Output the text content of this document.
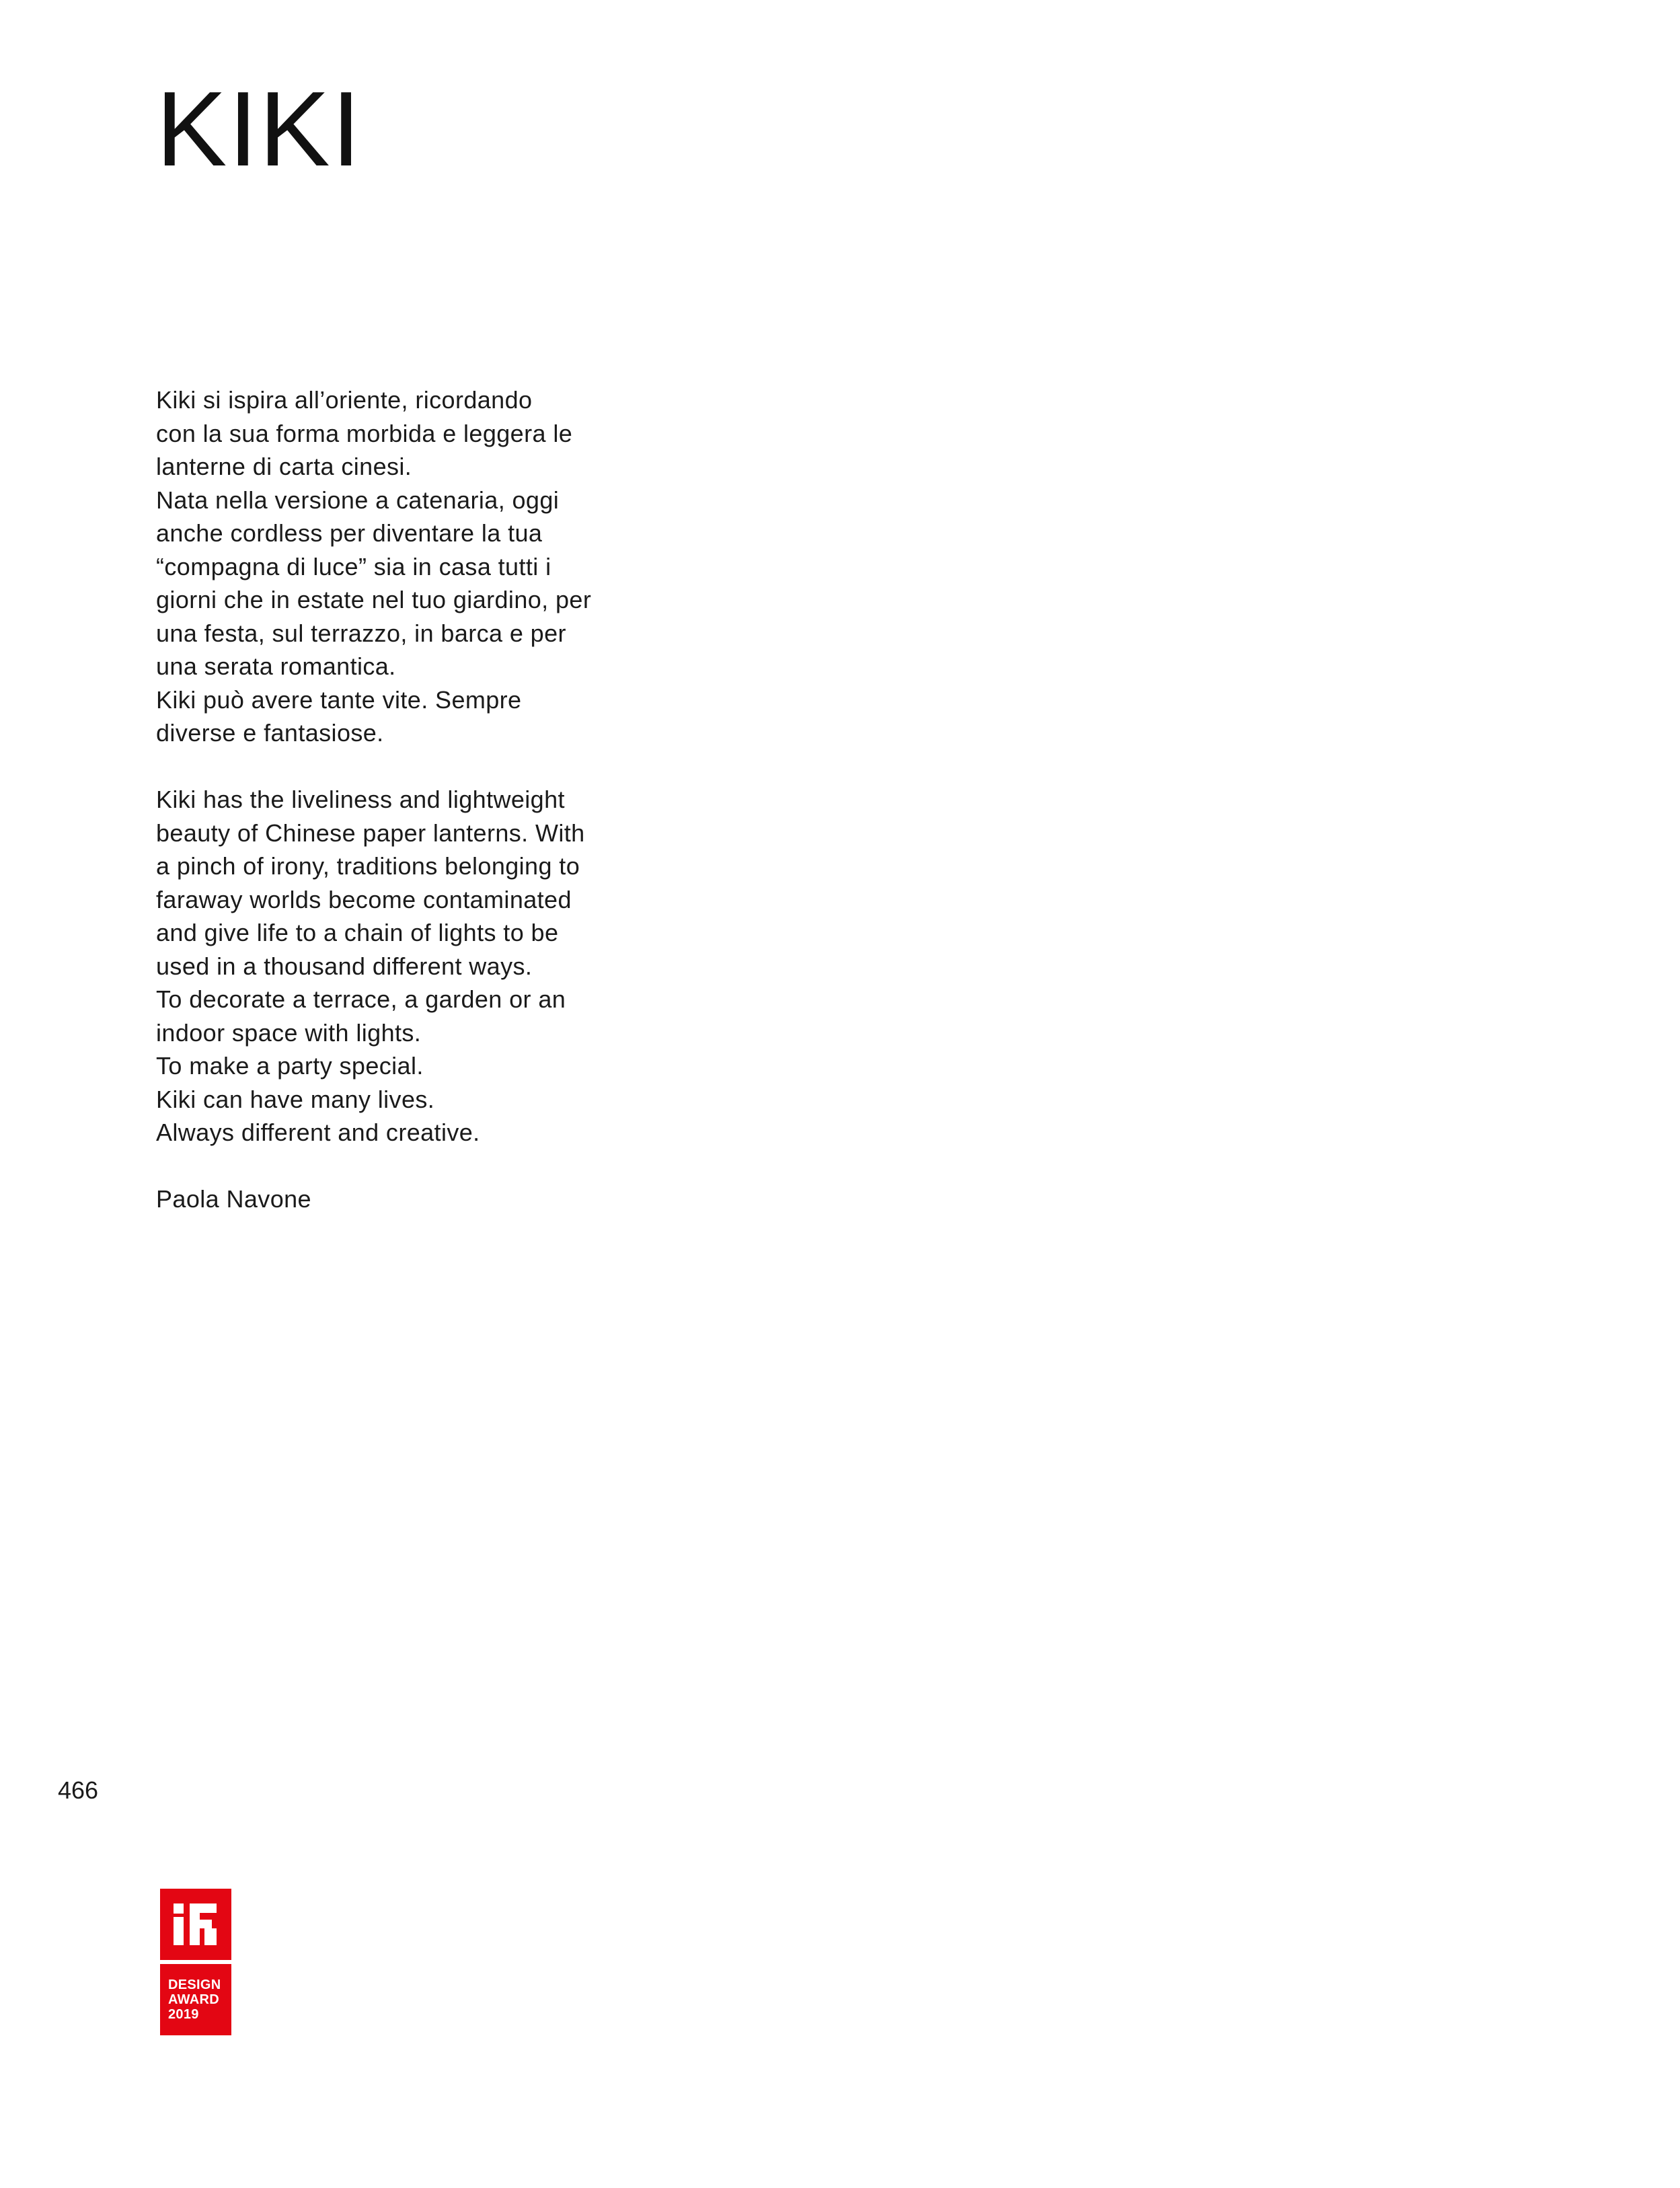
KIKI

Kiki si ispira all’oriente, ricordando
con la sua forma morbida e leggera le
lanterne di carta cinesi.
Nata nella versione a catenaria, oggi
anche cordless per diventare la tua
“compagna di luce” sia in casa tutti i
giorni che in estate nel tuo giardino, per
una festa, sul terrazzo, in barca e per
una serata romantica.
Kiki può avere tante vite. Sempre
diverse e fantasiose.

Kiki has the liveliness and lightweight
beauty of Chinese paper lanterns. With
a pinch of irony, traditions belonging to
faraway worlds become contaminated
and give life to a chain of lights to be
used in a thousand different ways.
To decorate a terrace, a garden or an
indoor space with lights.
To make a party special.
Kiki can have many lives.
Always different and creative.

Paola Navone

466
DESIGN
AWARD
2019
